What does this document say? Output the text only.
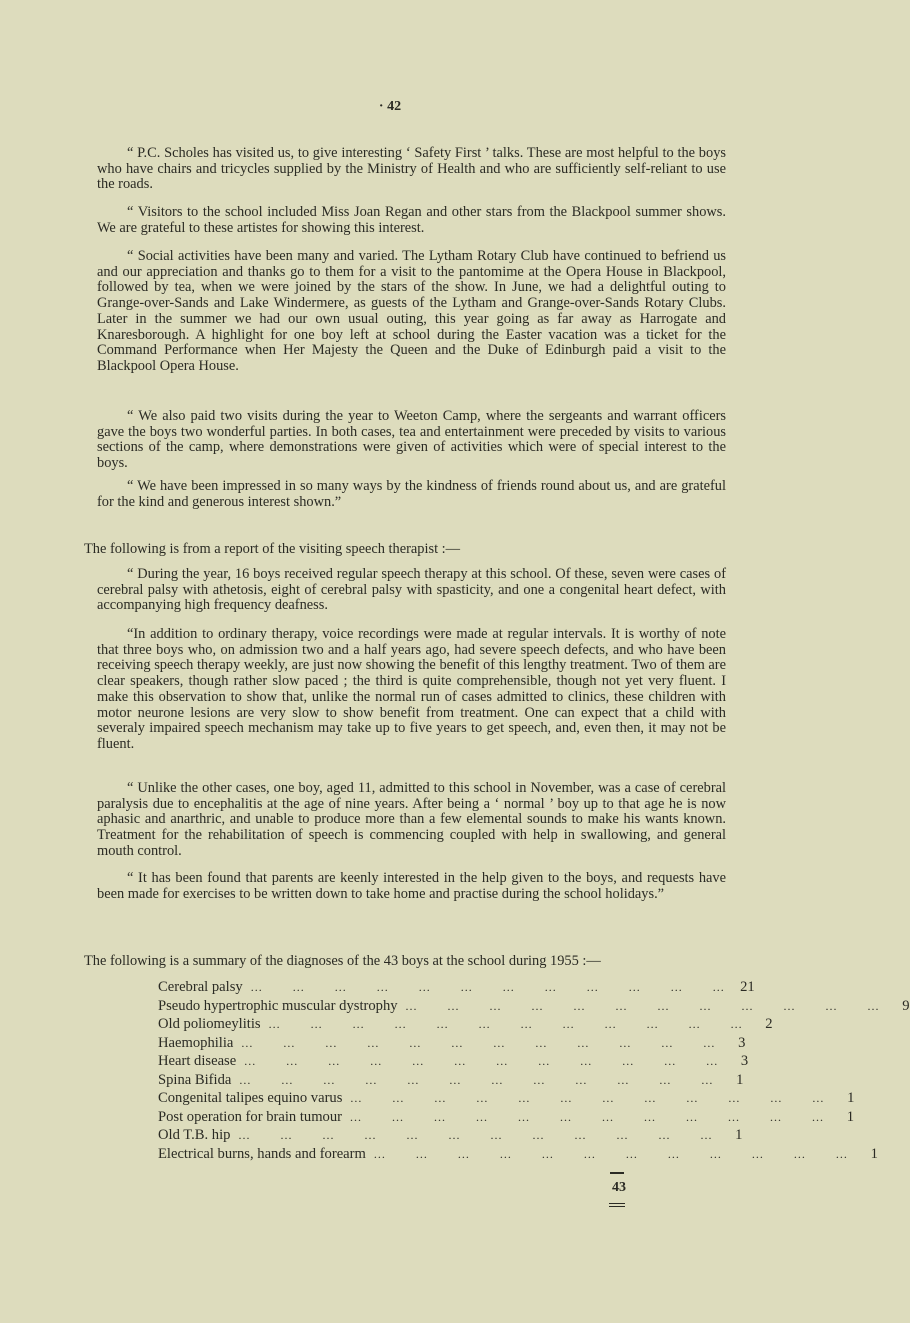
· 42

“ P.C. Scholes has visited us, to give interesting ‘ Safety First ’ talks. These are most helpful to the boys who have chairs and tricycles supplied by the Ministry of Health and who are sufficiently self-reliant to use the roads.

“ Visitors to the school included Miss Joan Regan and other stars from the Blackpool summer shows. We are grateful to these artistes for showing this interest.

“ Social activities have been many and varied. The Lytham Rotary Club have continued to befriend us and our appreciation and thanks go to them for a visit to the pantomime at the Opera House in Blackpool, followed by tea, when we were joined by the stars of the show. In June, we had a delightful outing to Grange-over-Sands and Lake Windermere, as guests of the Lytham and Grange-over-Sands Rotary Clubs. Later in the summer we had our own usual outing, this year going as far away as Harrogate and Knaresborough. A highlight for one boy left at school during the Easter vacation was a ticket for the Command Performance when Her Majesty the Queen and the Duke of Edinburgh paid a visit to the Blackpool Opera House.

“ We also paid two visits during the year to Weeton Camp, where the sergeants and warrant officers gave the boys two wonderful parties. In both cases, tea and entertainment were preceded by visits to various sections of the camp, where demonstrations were given of activities which were of special interest to the boys.

“ We have been impressed in so many ways by the kindness of friends round about us, and are grateful for the kind and generous interest shown.”

The following is from a report of the visiting speech therapist :—

“ During the year, 16 boys received regular speech therapy at this school. Of these, seven were cases of cerebral palsy with athetosis, eight of cerebral palsy with spasticity, and one a congenital heart defect, with accompanying high frequency deafness.

“In addition to ordinary therapy, voice recordings were made at regular intervals. It is worthy of note that three boys who, on admission two and a half years ago, had severe speech defects, and who have been receiving speech therapy weekly, are just now showing the benefit of this lengthy treatment. Two of them are clear speakers, though rather slow paced ; the third is quite comprehensible, though not yet very fluent. I make this observation to show that, unlike the normal run of cases admitted to clinics, these children with motor neurone lesions are very slow to show benefit from treatment. One can expect that a child with severaly impaired speech mechanism may take up to five years to get speech, and, even then, it may not be fluent.

“ Unlike the other cases, one boy, aged 11, admitted to this school in November, was a case of cerebral paralysis due to encephalitis at the age of nine years. After being a ‘ normal ’ boy up to that age he is now aphasic and anarthric, and unable to produce more than a few elemental sounds to make his wants known. Treatment for the rehabilitation of speech is commencing coupled with help in swallowing, and general mouth control.

“ It has been found that parents are keenly interested in the help given to the boys, and requests have been made for exercises to be written down to take home and practise during the school holidays.”

The following is a summary of the diagnoses of the 43 boys at the school during 1955 :—

Cerebral palsy ...   ...   ...   ...   ...   ...   ...   ...   ...   ...   ...   ...	21
Pseudo hypertrophic muscular dystrophy ...   ...   ...   ...   ...   ...   ...   ...   ...   ...   ...   ...	9
Old poliomeylitis ...   ...   ...   ...   ...   ...   ...   ...   ...   ...   ...   ...	2
Haemophilia ...   ...   ...   ...   ...   ...   ...   ...   ...   ...   ...   ...	3
Heart disease ...   ...   ...   ...   ...   ...   ...   ...   ...   ...   ...   ...	3
Spina Bifida ...   ...   ...   ...   ...   ...   ...   ...   ...   ...   ...   ...	1
Congenital talipes equino varus ...   ...   ...   ...   ...   ...   ...   ...   ...   ...   ...   ...	1
Post operation for brain tumour ...   ...   ...   ...   ...   ...   ...   ...   ...   ...   ...   ...	1
Old T.B. hip ...   ...   ...   ...   ...   ...   ...   ...   ...   ...   ...   ...	1
Electrical burns, hands and forearm ...   ...   ...   ...   ...   ...   ...   ...   ...   ...   ...   ...	1
43
